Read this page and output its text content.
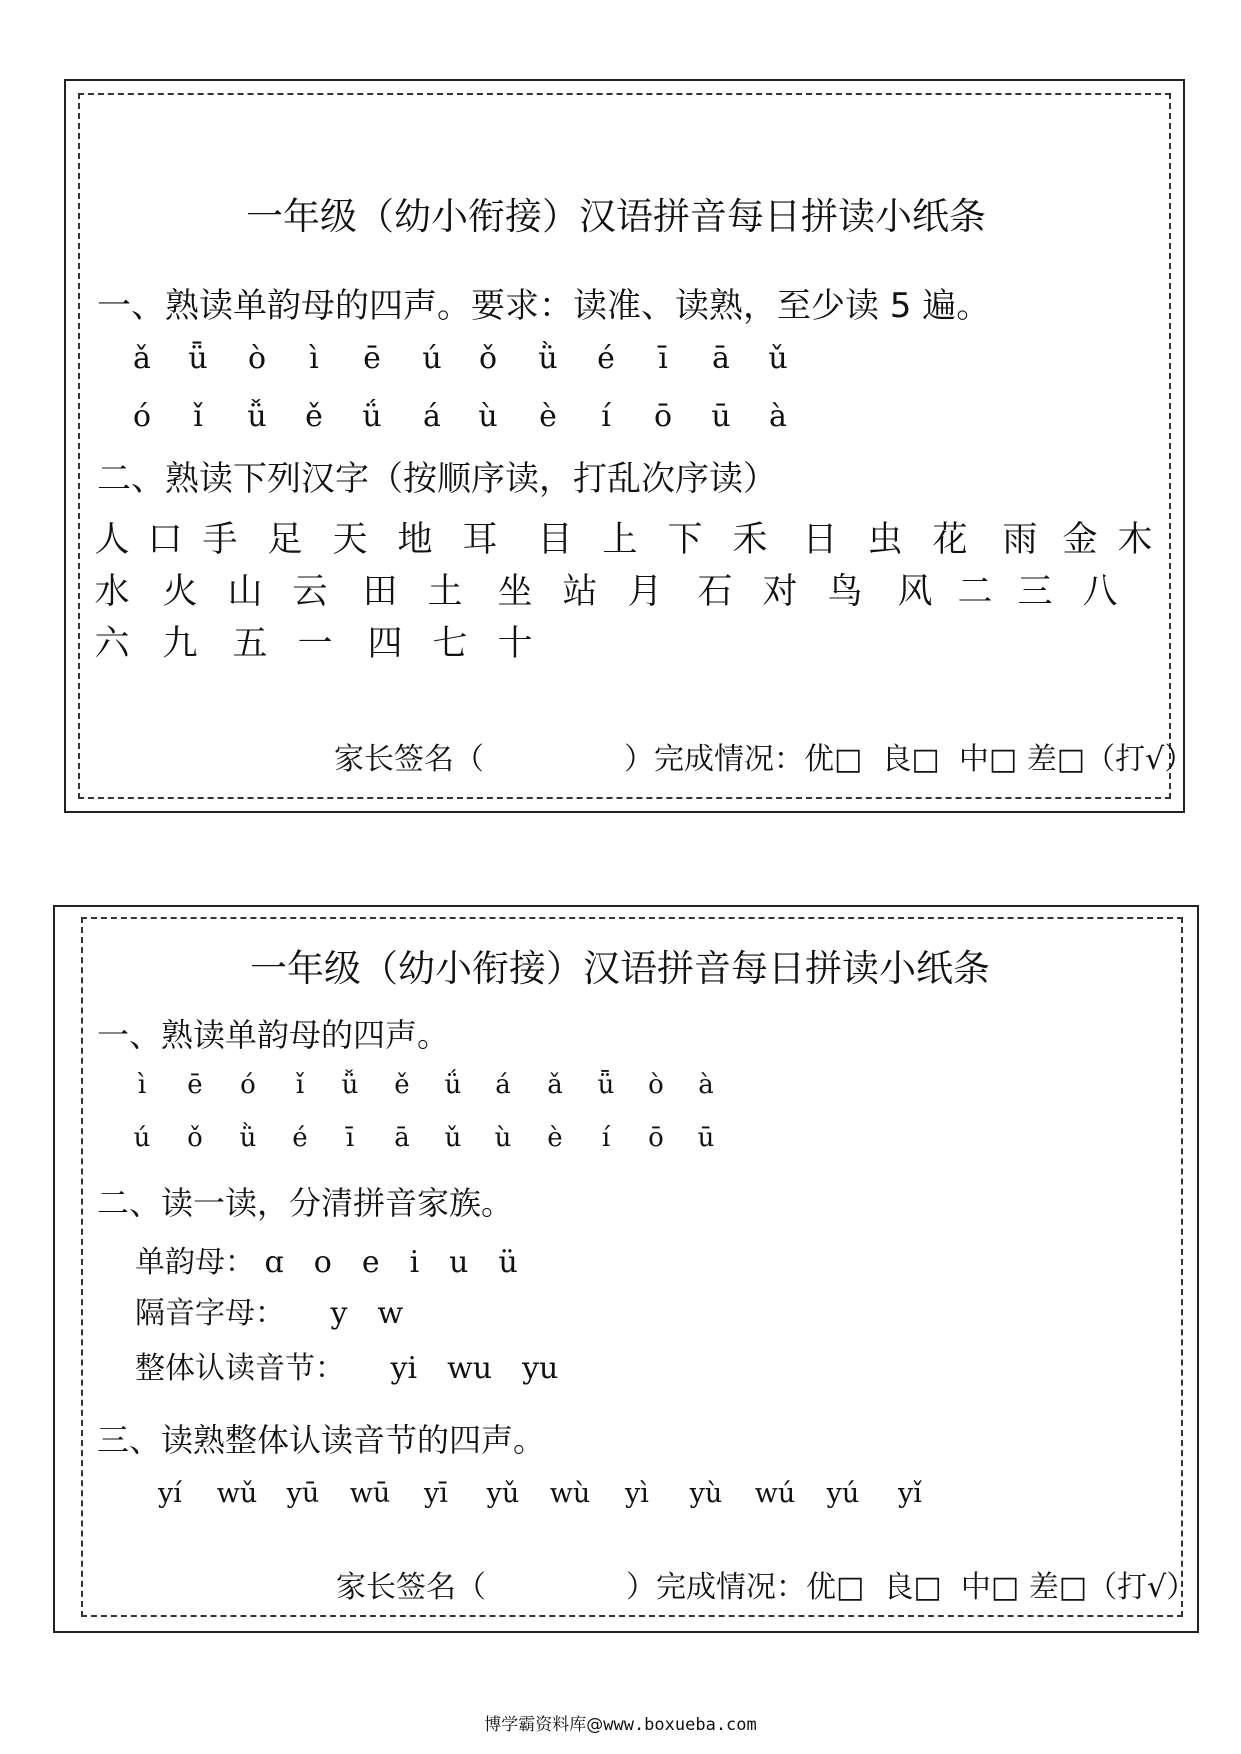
一年级（幼小衔接）汉语拼音每日拼读小纸条
一、熟读单韵母的四声。要求：读准、读熟，至少读 5 遍。
ǎ ǖ ò ì ē ú ǒ ǜ é ī ā ǔ
ó ǐ ǚ ě ǘ á ù è í ō ū à
二、熟读下列汉字（按顺序读，打乱次序读）
人 口 手 足 天 地 耳 目 上 下 禾 日 虫 花 雨 金 木
水 火 山 云 田 土 坐 站 月 石 对 鸟 风 二 三 八
六 九 五 一 四 七 十
家长签名（	）完成情况：优□ 良□ 中□ 差□（打√）
一年级（幼小衔接）汉语拼音每日拼读小纸条
一、熟读单韵母的四声。
ì ē ó ǐ ǚ ě ǘ á ǎ ǖ ò à
ú ǒ ǜ é ī ā ǔ ù è í ō ū
二、读一读，分清拼音家族。
单韵母： ɑ o e i u ü
隔音字母： y w
整体认读音节： yi wu yu
三、读熟整体认读音节的四声。
yí wǔ yū wū yī yǔ wù yì yù wú yú yǐ
家长签名（	）完成情况：优□ 良□ 中□ 差□（打√）
博学霸资料库@www.boxueba.com
